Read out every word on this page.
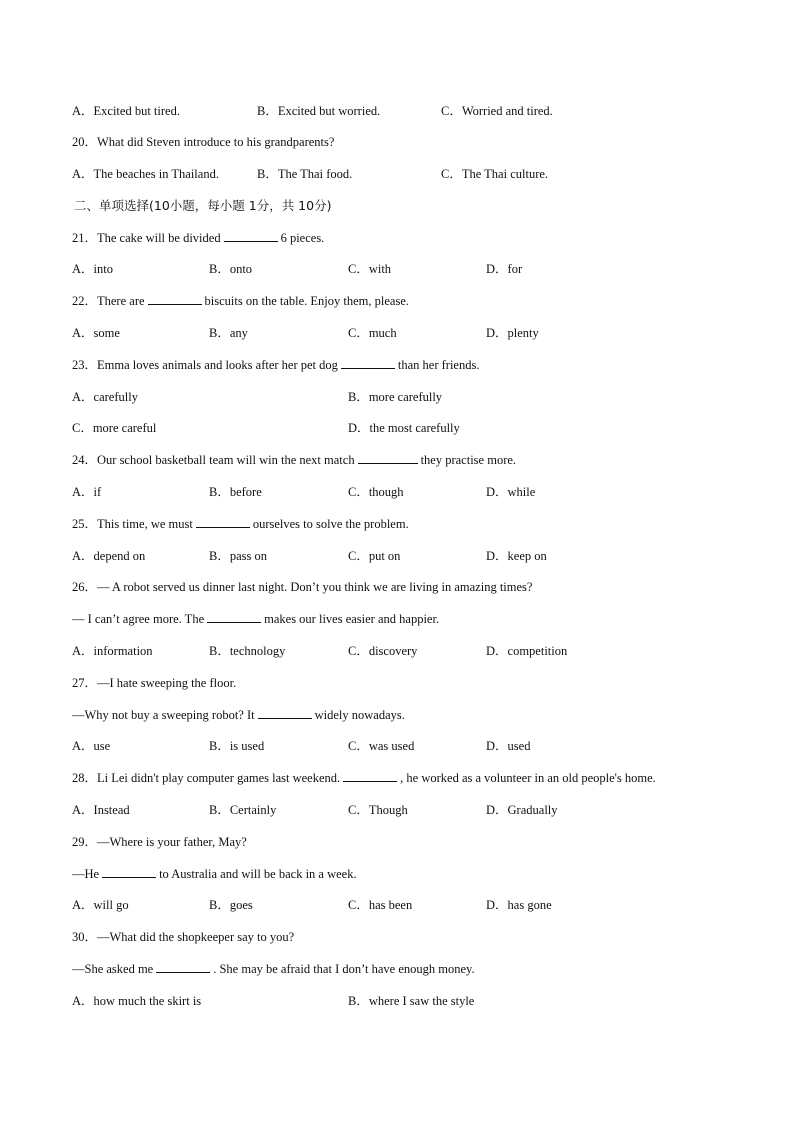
A．Excited but tired.	B．Excited but worried.	C．Worried and tired.
20．What did Steven introduce to his grandparents?
A．The beaches in Thailand.	B．The Thai food.	C．The Thai culture.
二、单项选择(10小题，每小题 1分，共 10分)
21．The cake will be divided	6 pieces.
A．into	B．onto	C．with	D．for
22．There are	biscuits on the table. Enjoy them, please.
A．some	B．any	C．much	D．plenty
23．Emma loves animals and looks after her pet dog	than her friends.
A．carefully	B．more carefully
C．more careful	D．the most carefully
24．Our school basketball team will win the next match	they practise more.
A．if	B．before	C．though	D．while
25．This time, we must	ourselves to solve the problem.
A．depend on	B．pass on	C．put on	D．keep on
26．— A robot served us dinner last night. Don’t you think we are living in amazing times?
— I can’t agree more. The	makes our lives easier and happier.
A．information	B．technology	C．discovery	D．competition
27．—I hate sweeping the floor.
—Why not buy a sweeping robot? It	widely nowadays.
A．use	B．is used	C．was used	D．used
28．Li Lei didn't play computer games last weekend.	, he worked as a volunteer in an old people's home.
A．Instead	B．Certainly	C．Though	D．Gradually
29．—Where is your father, May?
—He	to Australia and will be back in a week.
A．will go	B．goes	C．has been	D．has gone
30．—What did the shopkeeper say to you?
—She asked me	. She may be afraid that I don’t have enough money.
A．how much the skirt is	B．where I saw the style
